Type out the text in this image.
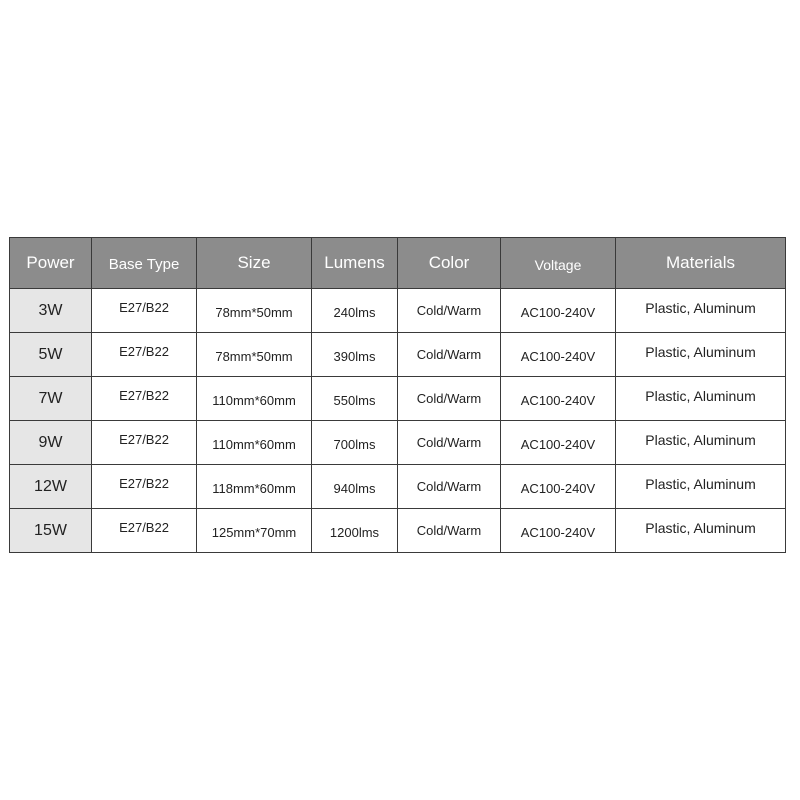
Power	Base Type	Size	Lumens	Color	Voltage	Materials
3W	E27/B22	78mm*50mm	240lms	Cold/Warm	AC100-240V	Plastic, Aluminum
5W	E27/B22	78mm*50mm	390lms	Cold/Warm	AC100-240V	Plastic, Aluminum
7W	E27/B22	110mm*60mm	550lms	Cold/Warm	AC100-240V	Plastic, Aluminum
9W	E27/B22	110mm*60mm	700lms	Cold/Warm	AC100-240V	Plastic, Aluminum
12W	E27/B22	118mm*60mm	940lms	Cold/Warm	AC100-240V	Plastic, Aluminum
15W	E27/B22	125mm*70mm	1200lms	Cold/Warm	AC100-240V	Plastic, Aluminum
